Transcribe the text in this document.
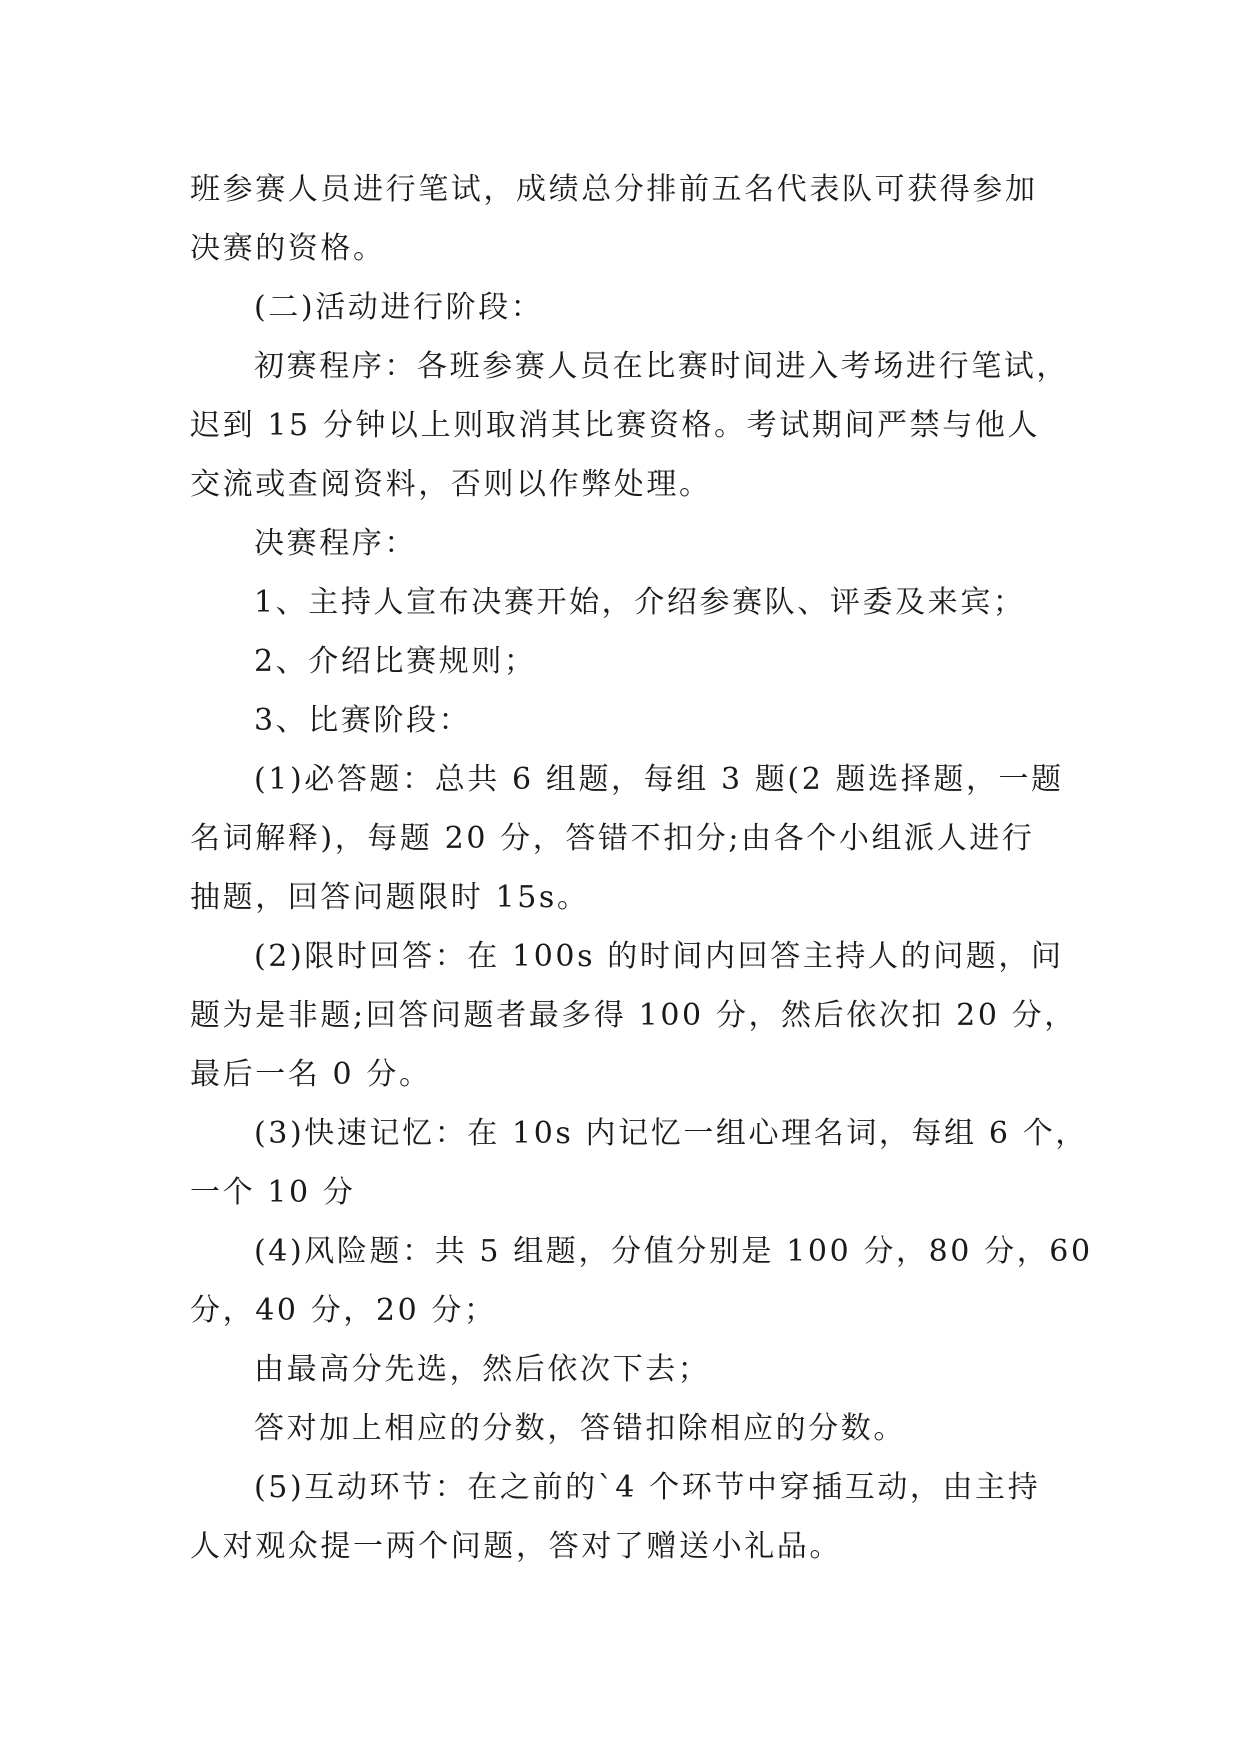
班参赛人员进行笔试，成绩总分排前五名代表队可获得参加
决赛的资格。
(二)活动进行阶段：
初赛程序：各班参赛人员在比赛时间进入考场进行笔试，
迟到 15 分钟以上则取消其比赛资格。考试期间严禁与他人
交流或查阅资料，否则以作弊处理。
决赛程序：
1、主持人宣布决赛开始，介绍参赛队、评委及来宾；
2、介绍比赛规则；
3、比赛阶段：
(1)必答题：总共 6 组题，每组 3 题(2 题选择题，一题
名词解释)，每题 20 分，答错不扣分;由各个小组派人进行
抽题，回答问题限时 15s。
(2)限时回答：在 100s 的时间内回答主持人的问题，问
题为是非题;回答问题者最多得 100 分，然后依次扣 20 分，
最后一名 0 分。
(3)快速记忆：在 10s 内记忆一组心理名词，每组 6 个，
一个 10 分
(4)风险题：共 5 组题，分值分别是 100 分，80 分，60
分，40 分，20 分；
由最高分先选，然后依次下去；
答对加上相应的分数，答错扣除相应的分数。
(5)互动环节：在之前的`4 个环节中穿插互动，由主持
人对观众提一两个问题，答对了赠送小礼品。
